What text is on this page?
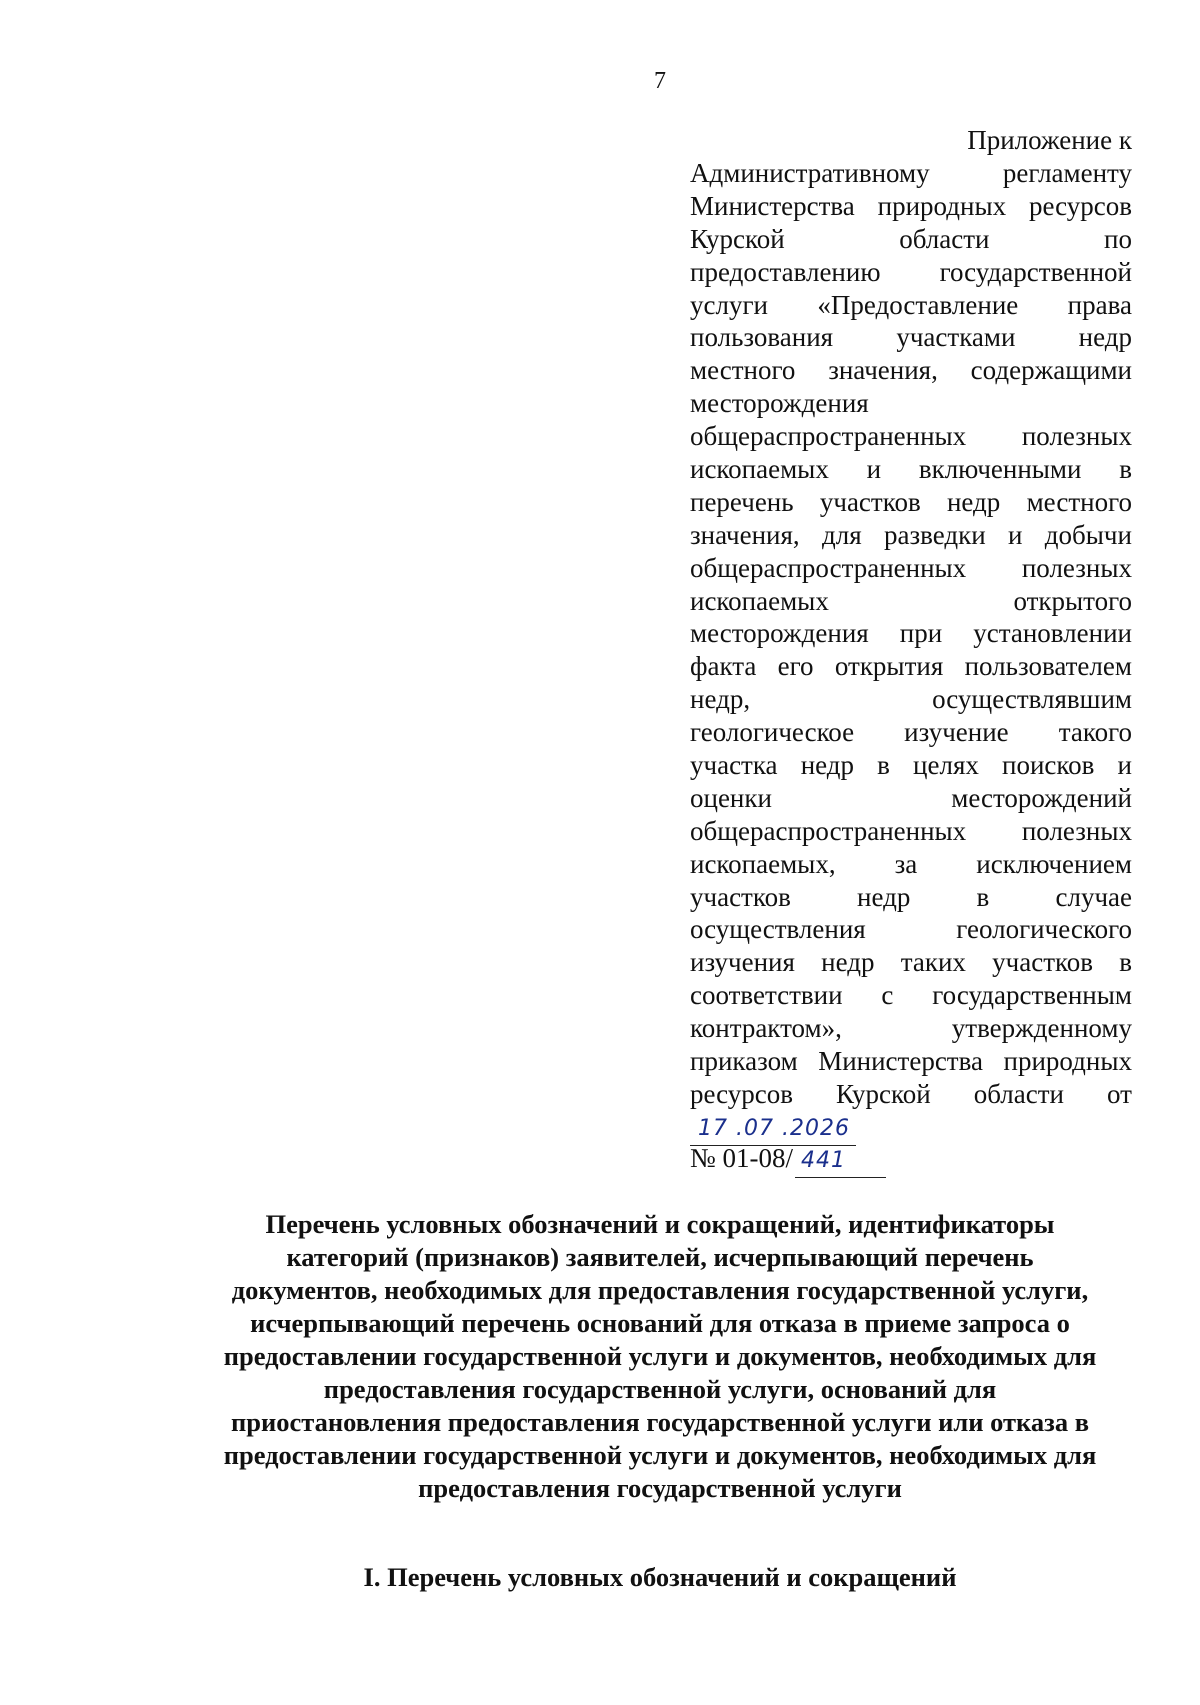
7
Приложение к
Административному	регламенту
Министерства природных ресурсов
Курской	области	по
предоставлению государственной
услуги «Предоставление права
пользования участками недр
местного значения, содержащими
месторождения
общераспространенных полезных
ископаемых и включенными в
перечень участков недр местного
значения, для разведки и добычи
общераспространенных полезных
ископаемых	открытого
месторождения при установлении
факта его открытия пользователем
недр,	осуществлявшим
геологическое изучение такого
участка недр в целях поисков и
оценки	месторождений
общераспространенных полезных
ископаемых, за исключением
участков недр в случае
осуществления	геологического
изучения недр таких участков в
соответствии с государственным
контрактом»,	утвержденному
приказом Министерства природных
ресурсов Курской области от
17 .07 .2026
№ 01-08/ 441
Перечень условных обозначений и сокращений, идентификаторы
категорий (признаков) заявителей, исчерпывающий перечень
документов, необходимых для предоставления государственной услуги,
исчерпывающий перечень оснований для отказа в приеме запроса о
предоставлении государственной услуги и документов, необходимых для
предоставления государственной услуги, оснований для
приостановления предоставления государственной услуги или отказа в
предоставлении государственной услуги и документов, необходимых для
предоставления государственной услуги
I. Перечень условных обозначений и сокращений
